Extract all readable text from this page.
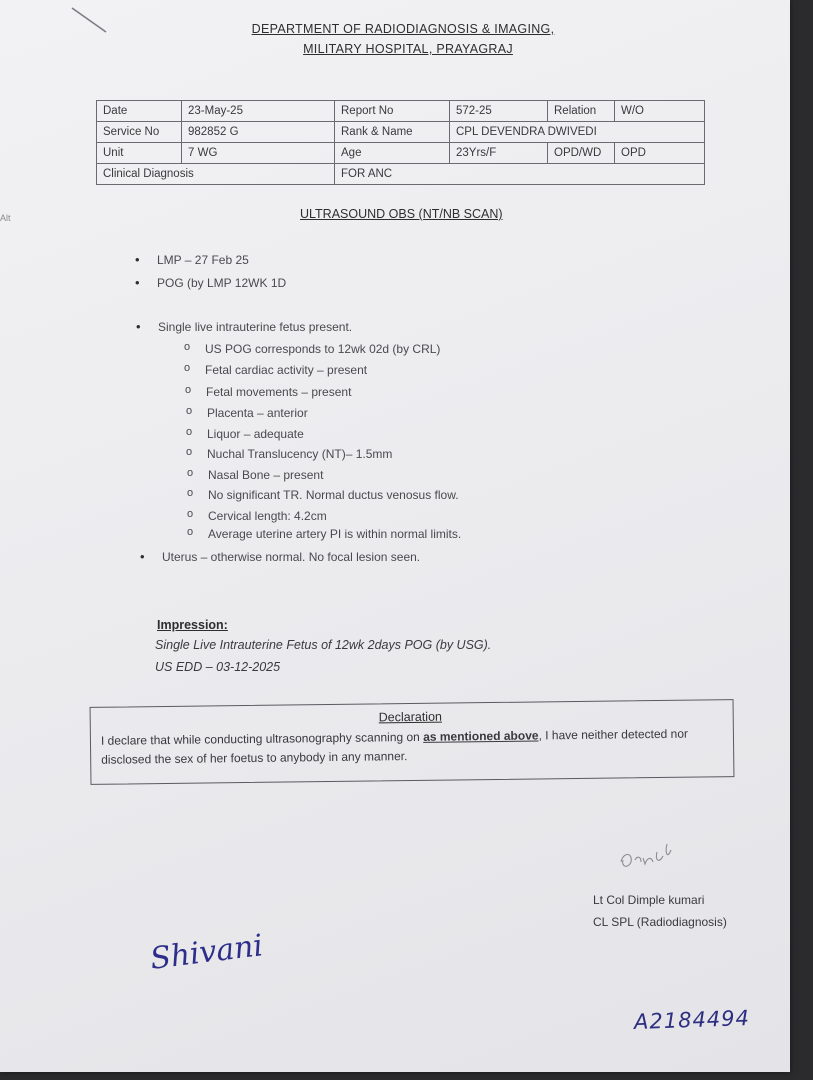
Alt
DEPARTMENT OF RADIODIAGNOSIS & IMAGING,
MILITARY HOSPITAL, PRAYAGRAJ
Date	23-May-25	Report No	572-25	Relation	W/O
Service No	982852 G	Rank & Name	CPL DEVENDRA DWIVEDI		
Unit	7 WG	Age	23Yrs/F	OPD/WD	OPD
Clinical Diagnosis		FOR ANC			
ULTRASOUND OBS (NT/NB SCAN)
• LMP – 27 Feb 25
• POG (by LMP 12WK 1D
• Single live intrauterine fetus present.
o US POG corresponds to 12wk 02d (by CRL)
o Fetal cardiac activity – present
o Fetal movements – present
o Placenta – anterior
o Liquor – adequate
o Nuchal Translucency (NT)– 1.5mm
o Nasal Bone – present
o No significant TR. Normal ductus venosus flow.
o Cervical length: 4.2cm
o Average uterine artery PI is within normal limits.
• Uterus – otherwise normal. No focal lesion seen.
Impression:
Single Live Intrauterine Fetus of 12wk 2days POG (by USG).
US EDD – 03-12-2025
Declaration
I declare that while conducting ultrasonography scanning on as mentioned above, I have neither detected nor disclosed the sex of her foetus to anybody in any manner.
Lt Col Dimple kumari
CL SPL (Radiodiagnosis)
Shivani
A2184494
